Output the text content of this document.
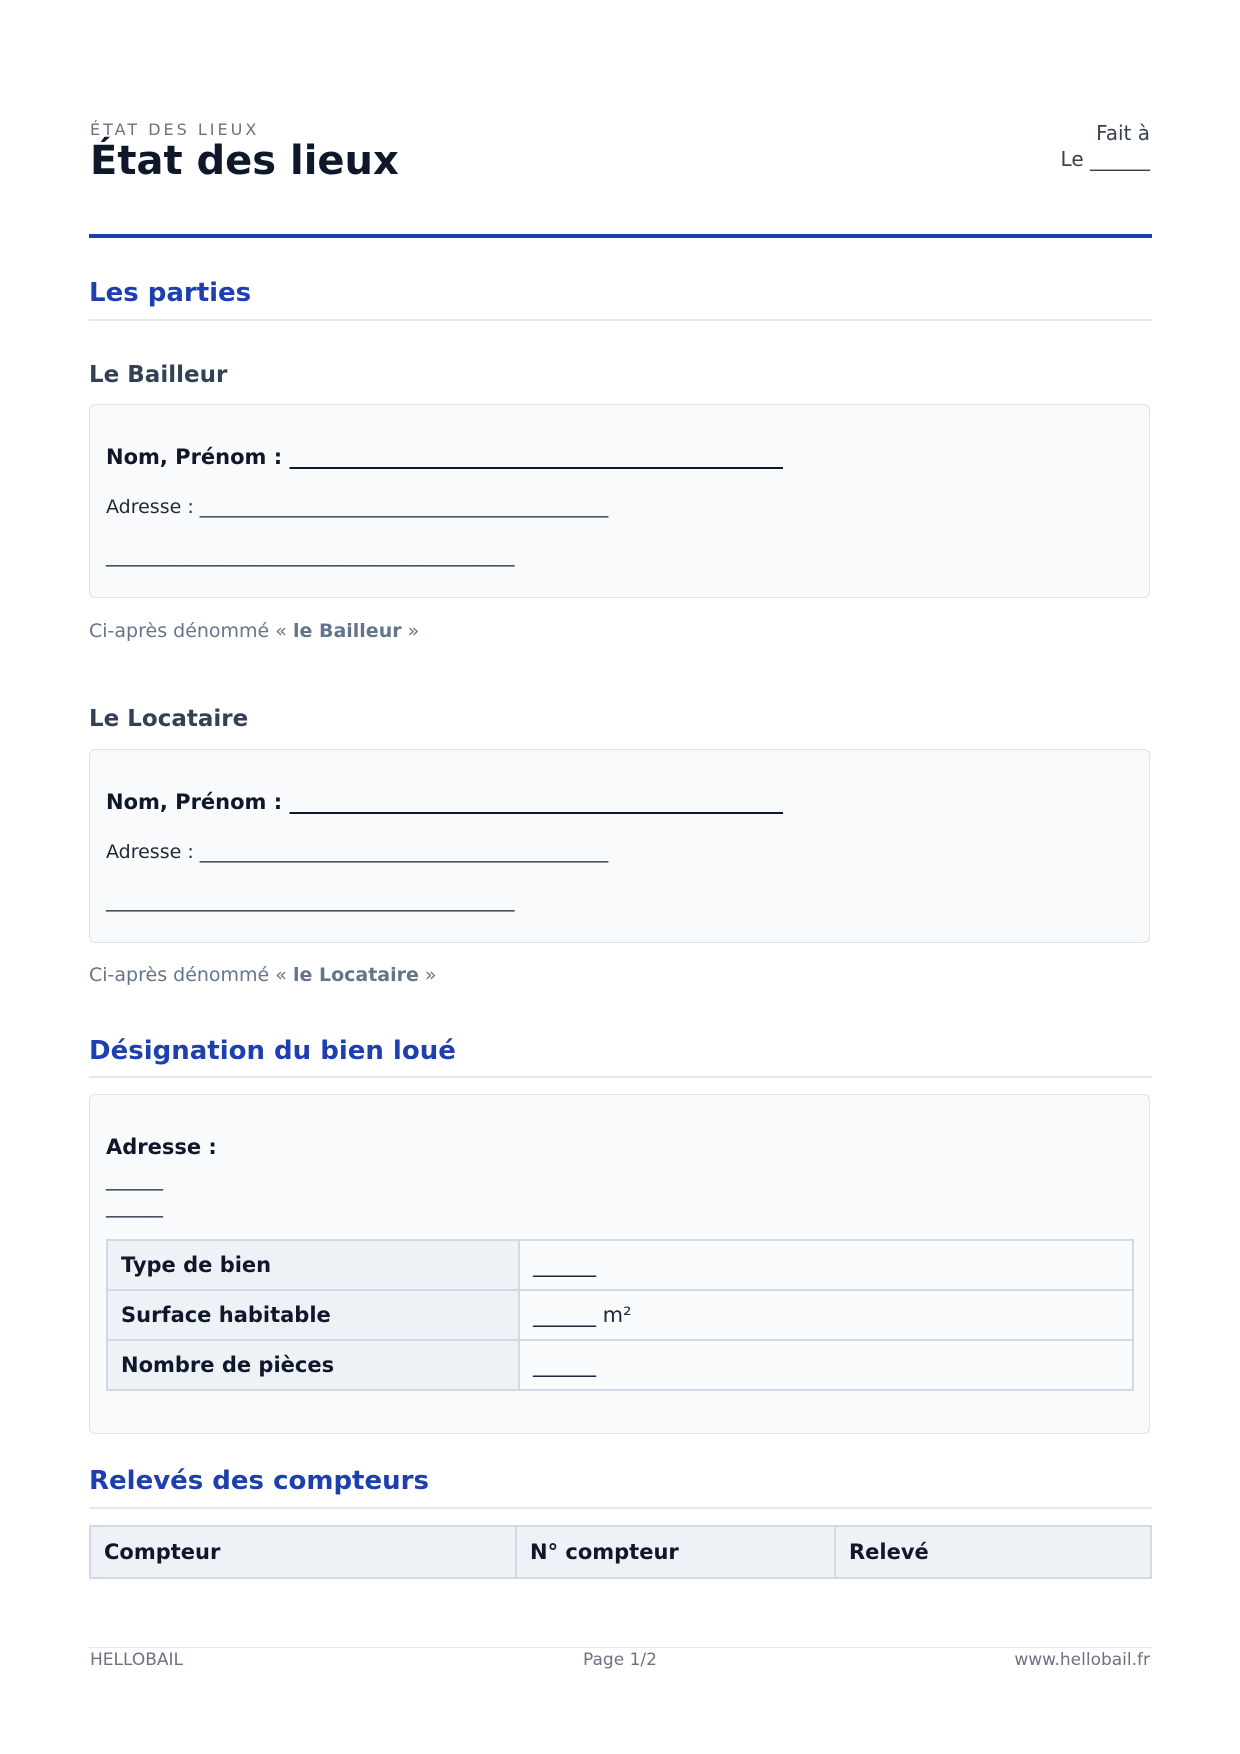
ÉTAT DES LIEUX
État des lieux
Fait à
Le ______
Les parties
Le Bailleur
Nom, Prénom : _______________________________________________
Adresse : ___________________________________________
___________________________________________
Ci-après dénommé « le Bailleur »
Le Locataire
Nom, Prénom : _______________________________________________
Adresse : ___________________________________________
___________________________________________
Ci-après dénommé « le Locataire »
Désignation du bien loué
Adresse :
______
______
Type de bien	______
Surface habitable	______ m²
Nombre de pièces	______
Relevés des compteurs
Compteur	N° compteur	Relevé
HELLOBAIL	Page 1/2	www.hellobail.fr
